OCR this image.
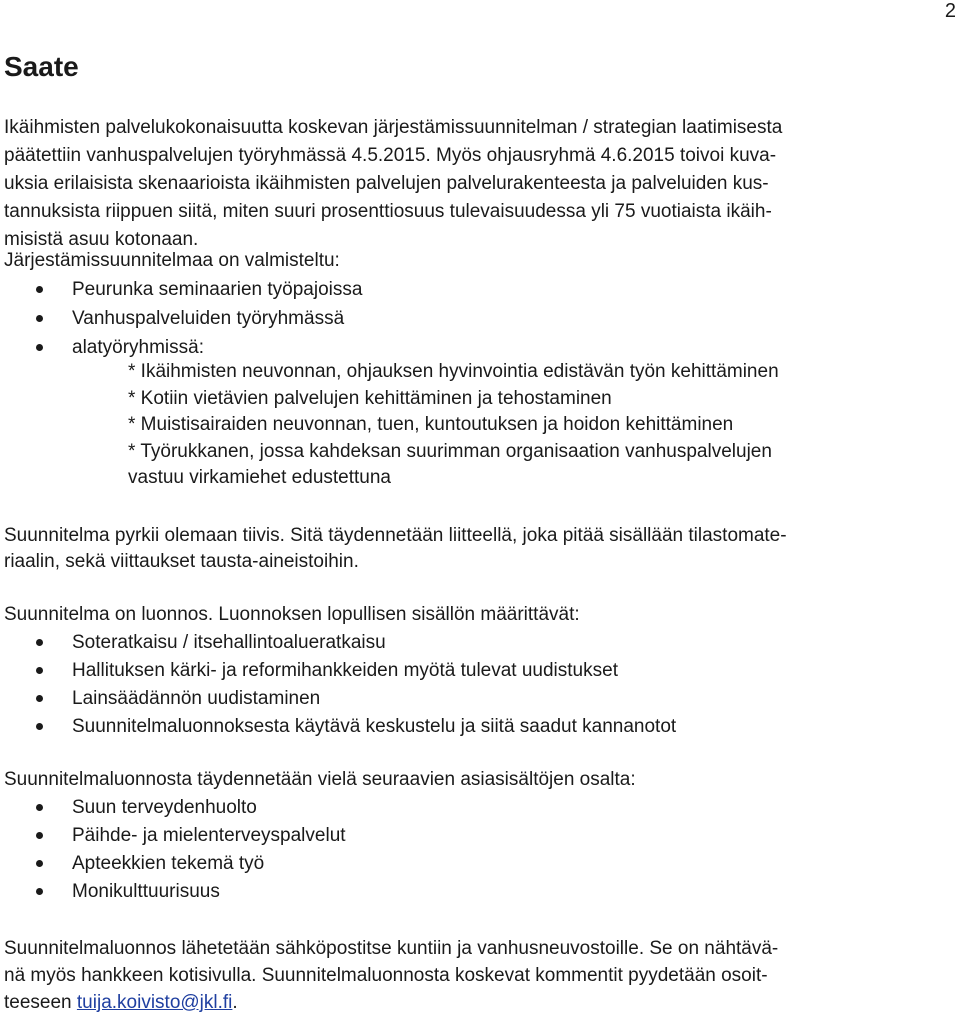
2
Saate
Ikäihmisten palvelukokonaisuutta koskevan järjestämissuunnitelman / strategian laatimisesta
päätettiin vanhuspalvelujen työryhmässä 4.5.2015. Myös ohjausryhmä 4.6.2015 toivoi kuva-
uksia erilaisista skenaarioista ikäihmisten palvelujen palvelurakenteesta ja palveluiden kus-
tannuksista riippuen siitä, miten suuri prosenttiosuus tulevaisuudessa yli 75 vuotiaista ikäih-
misistä asuu kotonaan.
Järjestämissuunnitelmaa on valmisteltu:
Peurunka seminaarien työpajoissa
Vanhuspalveluiden työryhmässä
alatyöryhmissä:
* Ikäihmisten neuvonnan, ohjauksen hyvinvointia edistävän työn kehittäminen
* Kotiin vietävien palvelujen kehittäminen ja tehostaminen
* Muistisairaiden neuvonnan, tuen, kuntoutuksen ja hoidon kehittäminen
* Työrukkanen, jossa kahdeksan suurimman organisaation vanhuspalvelujen
vastuu virkamiehet edustettuna
Suunnitelma pyrkii olemaan tiivis. Sitä täydennetään liitteellä, joka pitää sisällään tilastomate-
riaalin, sekä viittaukset tausta-aineistoihin.
Suunnitelma on luonnos. Luonnoksen lopullisen sisällön määrittävät:
Soteratkaisu / itsehallintoalueratkaisu
Hallituksen kärki- ja reformihankkeiden myötä tulevat uudistukset
Lainsäädännön uudistaminen
Suunnitelmaluonnoksesta käytävä keskustelu ja siitä saadut kannanotot
Suunnitelmaluonnosta täydennetään vielä seuraavien asiasisältöjen osalta:
Suun terveydenhuolto
Päihde- ja mielenterveyspalvelut
Apteekkien tekemä työ
Monikulttuurisuus
Suunnitelmaluonnos lähetetään sähköpostitse kuntiin ja vanhusneuvostoille. Se on nähtävä-
nä myös hankkeen kotisivulla. Suunnitelmaluonnosta koskevat kommentit pyydetään osoit-
teeseen tuija.koivisto@jkl.fi.
